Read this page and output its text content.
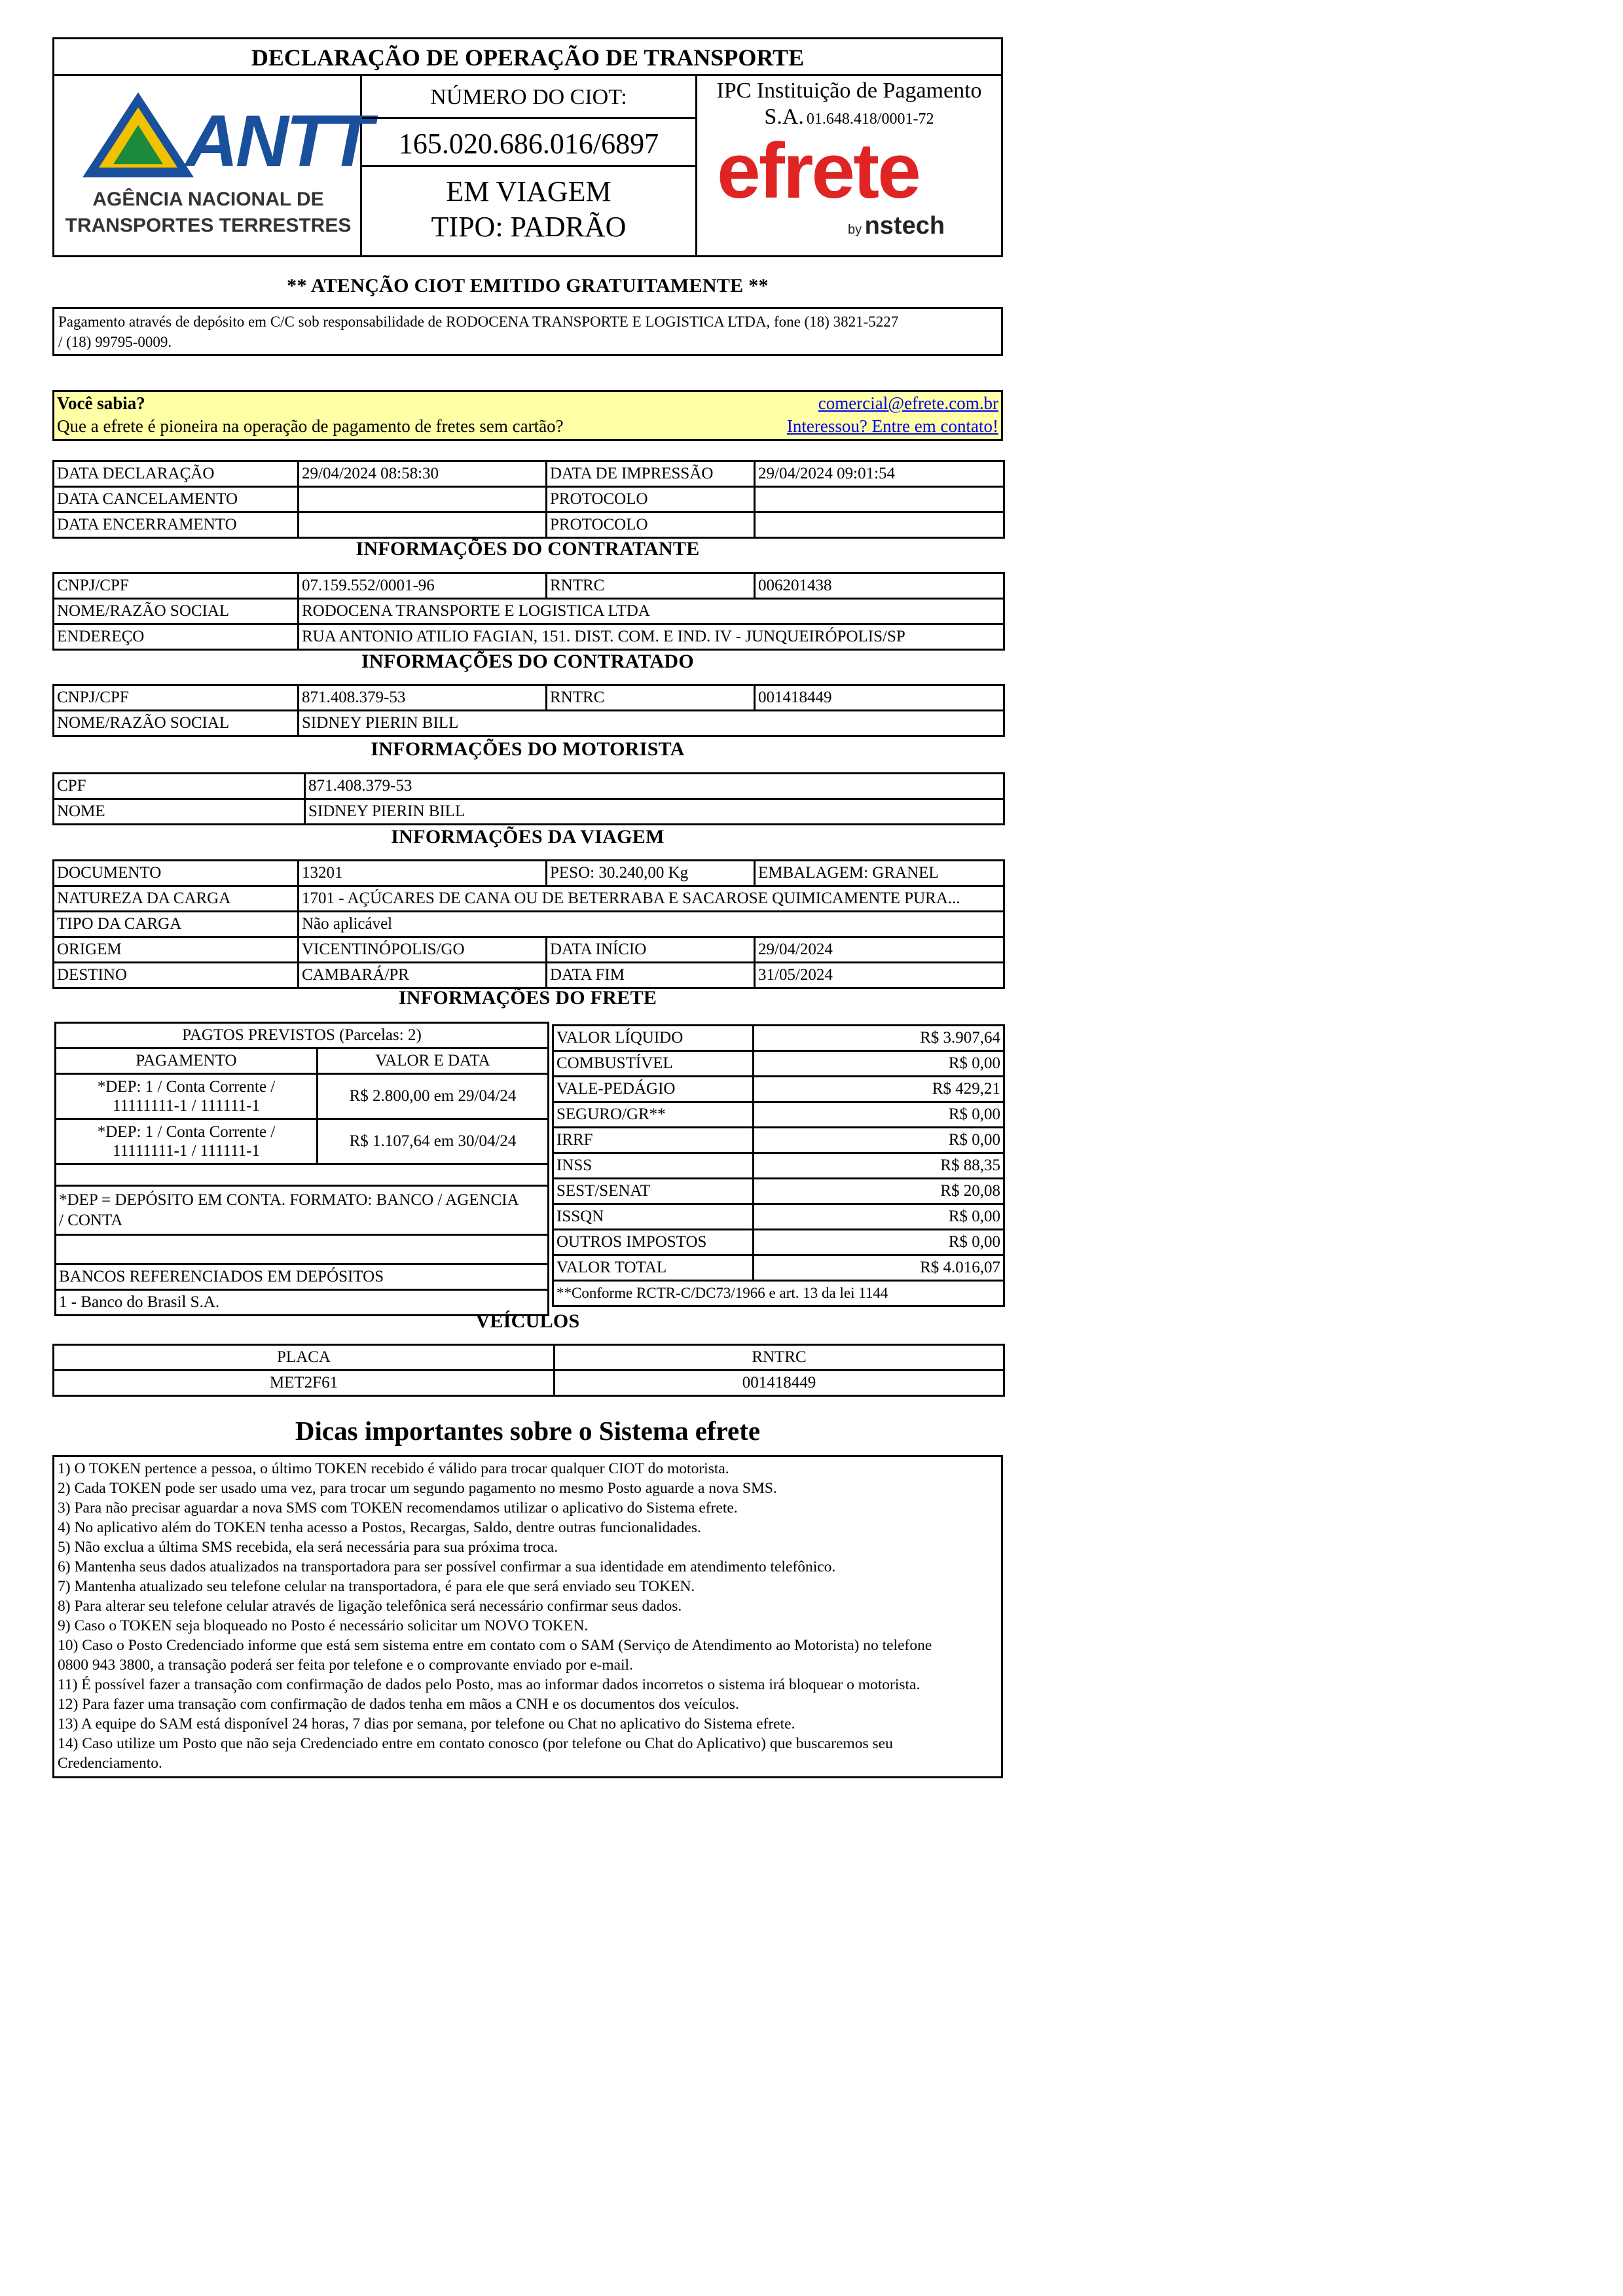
DECLARAÇÃO DE OPERAÇÃO DE TRANSPORTE
ANTT
AGÊNCIA NACIONAL DE
TRANSPORTES TERRESTRES
NÚMERO DO CIOT:
165.020.686.016/6897
EM VIAGEM
TIPO: PADRÃO
IPC Instituição de Pagamento
S.A. 01.648.418/0001-72
efrete
by nstech
** ATENÇÃO CIOT EMITIDO GRATUITAMENTE **
Pagamento através de depósito em C/C sob responsabilidade de RODOCENA TRANSPORTE E LOGISTICA LTDA, fone (18) 3821-5227
/ (18) 99795-0009.
Você sabia?
Que a efrete é pioneira na operação de pagamento de fretes sem cartão?
comercial@efrete.com.br
Interessou? Entre em contato!
DATA DECLARAÇÃO	29/04/2024 08:58:30	DATA DE IMPRESSÃO	29/04/2024 09:01:54
DATA CANCELAMENTO		PROTOCOLO	
DATA ENCERRAMENTO		PROTOCOLO	
INFORMAÇÕES DO CONTRATANTE
CNPJ/CPF	07.159.552/0001-96	RNTRC	006201438
NOME/RAZÃO SOCIAL	RODOCENA TRANSPORTE E LOGISTICA LTDA		
ENDEREÇO	RUA ANTONIO ATILIO FAGIAN, 151. DIST. COM. E IND. IV - JUNQUEIRÓPOLIS/SP		
INFORMAÇÕES DO CONTRATADO
CNPJ/CPF	871.408.379-53	RNTRC	001418449
NOME/RAZÃO SOCIAL	SIDNEY PIERIN BILL		
INFORMAÇÕES DO MOTORISTA
CPF	871.408.379-53
NOME	SIDNEY PIERIN BILL
INFORMAÇÕES DA VIAGEM
DOCUMENTO	13201	PESO: 30.240,00 Kg	EMBALAGEM: GRANEL
NATUREZA DA CARGA	1701 - AÇÚCARES DE CANA OU DE BETERRABA E SACAROSE QUIMICAMENTE PURA...		
TIPO DA CARGA	Não aplicável		
ORIGEM	VICENTINÓPOLIS/GO	DATA INÍCIO	29/04/2024
DESTINO	CAMBARÁ/PR	DATA FIM	31/05/2024
INFORMAÇÕES DO FRETE
PAGTOS PREVISTOS (Parcelas: 2)	
PAGAMENTO	VALOR E DATA

*DEP: 1 / Conta Corrente /
11111111-1 / 111111-1	R$ 2.800,00 em 29/04/24

*DEP: 1 / Conta Corrente /
11111111-1 / 111111-1	R$ 1.107,64 em 30/04/24

*DEP = DEPÓSITO EM CONTA. FORMATO: BANCO / AGENCIA
/ CONTA	

BANCOS REFERENCIADOS EM DEPÓSITOS	
1 - Banco do Brasil S.A.	
VALOR LÍQUIDO	R$ 3.907,64
COMBUSTÍVEL	R$ 0,00
VALE-PEDÁGIO	R$ 429,21
SEGURO/GR**	R$ 0,00
IRRF	R$ 0,00
INSS	R$ 88,35
SEST/SENAT	R$ 20,08
ISSQN	R$ 0,00
OUTROS IMPOSTOS	R$ 0,00
VALOR TOTAL	R$ 4.016,07
**Conforme RCTR-C/DC73/1966 e art. 13 da lei 1144	
VEÍCULOS
PLACA	RNTRC
MET2F61	001418449
Dicas importantes sobre o Sistema efrete
1) O TOKEN pertence a pessoa, o último TOKEN recebido é válido para trocar qualquer CIOT do motorista.
2) Cada TOKEN pode ser usado uma vez, para trocar um segundo pagamento no mesmo Posto aguarde a nova SMS.
3) Para não precisar aguardar a nova SMS com TOKEN recomendamos utilizar o aplicativo do Sistema efrete.
4) No aplicativo além do TOKEN tenha acesso a Postos, Recargas, Saldo, dentre outras funcionalidades.
5) Não exclua a última SMS recebida, ela será necessária para sua próxima troca.
6) Mantenha seus dados atualizados na transportadora para ser possível confirmar a sua identidade em atendimento telefônico.
7) Mantenha atualizado seu telefone celular na transportadora, é para ele que será enviado seu TOKEN.
8) Para alterar seu telefone celular através de ligação telefônica será necessário confirmar seus dados.
9) Caso o TOKEN seja bloqueado no Posto é necessário solicitar um NOVO TOKEN.
10) Caso o Posto Credenciado informe que está sem sistema entre em contato com o SAM (Serviço de Atendimento ao Motorista) no telefone
0800 943 3800, a transação poderá ser feita por telefone e o comprovante enviado por e-mail.
11) É possível fazer a transação com confirmação de dados pelo Posto, mas ao informar dados incorretos o sistema irá bloquear o motorista.
12) Para fazer uma transação com confirmação de dados tenha em mãos a CNH e os documentos dos veículos.
13) A equipe do SAM está disponível 24 horas, 7 dias por semana, por telefone ou Chat no aplicativo do Sistema efrete.
14) Caso utilize um Posto que não seja Credenciado entre em contato conosco (por telefone ou Chat do Aplicativo) que buscaremos seu
Credenciamento.
